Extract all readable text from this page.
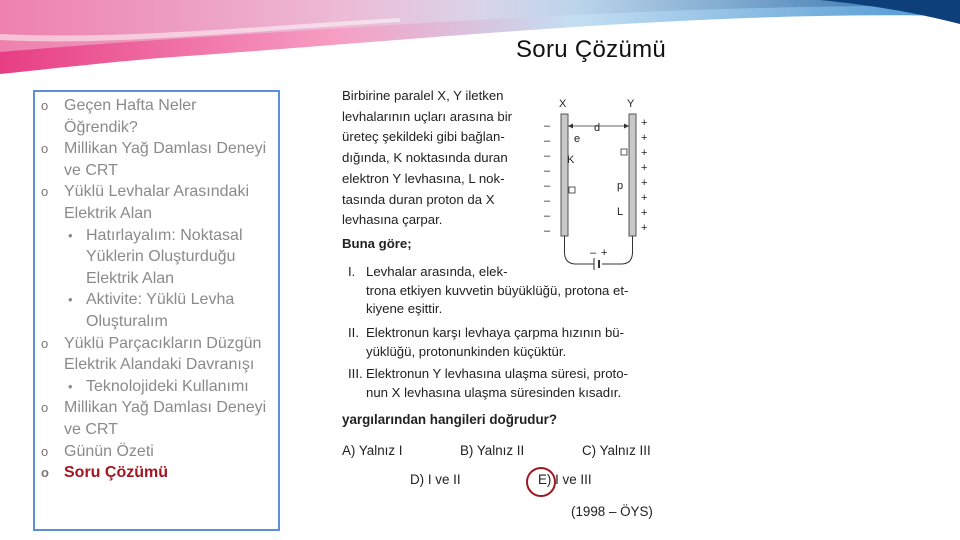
Soru Çözümü
o Geçen Hafta Neler Öğrendik?
o Millikan Yağ Damlası Deneyi ve CRT
o Yüklü Levhalar Arasındaki Elektrik Alan
• Hatırlayalım: Noktasal Yüklerin Oluşturduğu Elektrik Alan
• Aktivite: Yüklü Levha Oluşturalım
o Yüklü Parçacıkların Düzgün Elektrik Alandaki Davranışı
• Teknolojideki Kullanımı
o Millikan Yağ Damlası Deneyi ve CRT
o Günün Özeti
o Soru Çözümü
Birbirine paralel X, Y iletken
levhalarının uçları arasına bir
üreteç şekildeki gibi bağlan-
dığında, K noktasında duran
elektron Y levhasına, L nok-
tasında duran proton da X
levhasına çarpar.
Buna göre;
I. Levhalar arasında, elek-
trona etkiyen kuvvetin büyüklüğü, protona et-
kiyene eşittir.
II. Elektronun karşı levhaya çarpma hızının bü-
yüklüğü, protonunkinden küçüktür.
III. Elektronun Y levhasına ulaşma süresi, proto-
nun X levhasına ulaşma süresinden kısadır.
yargılarından hangileri doğrudur?
A) Yalnız I	B) Yalnız II	C) Yalnız III
D) I ve II	E) I ve III
(1998 – ÖYS)
X	Y
d
e
K
p
L
–
–
–
–
–
–
–
–
+
+
+
+
+
+
+
+
– +
